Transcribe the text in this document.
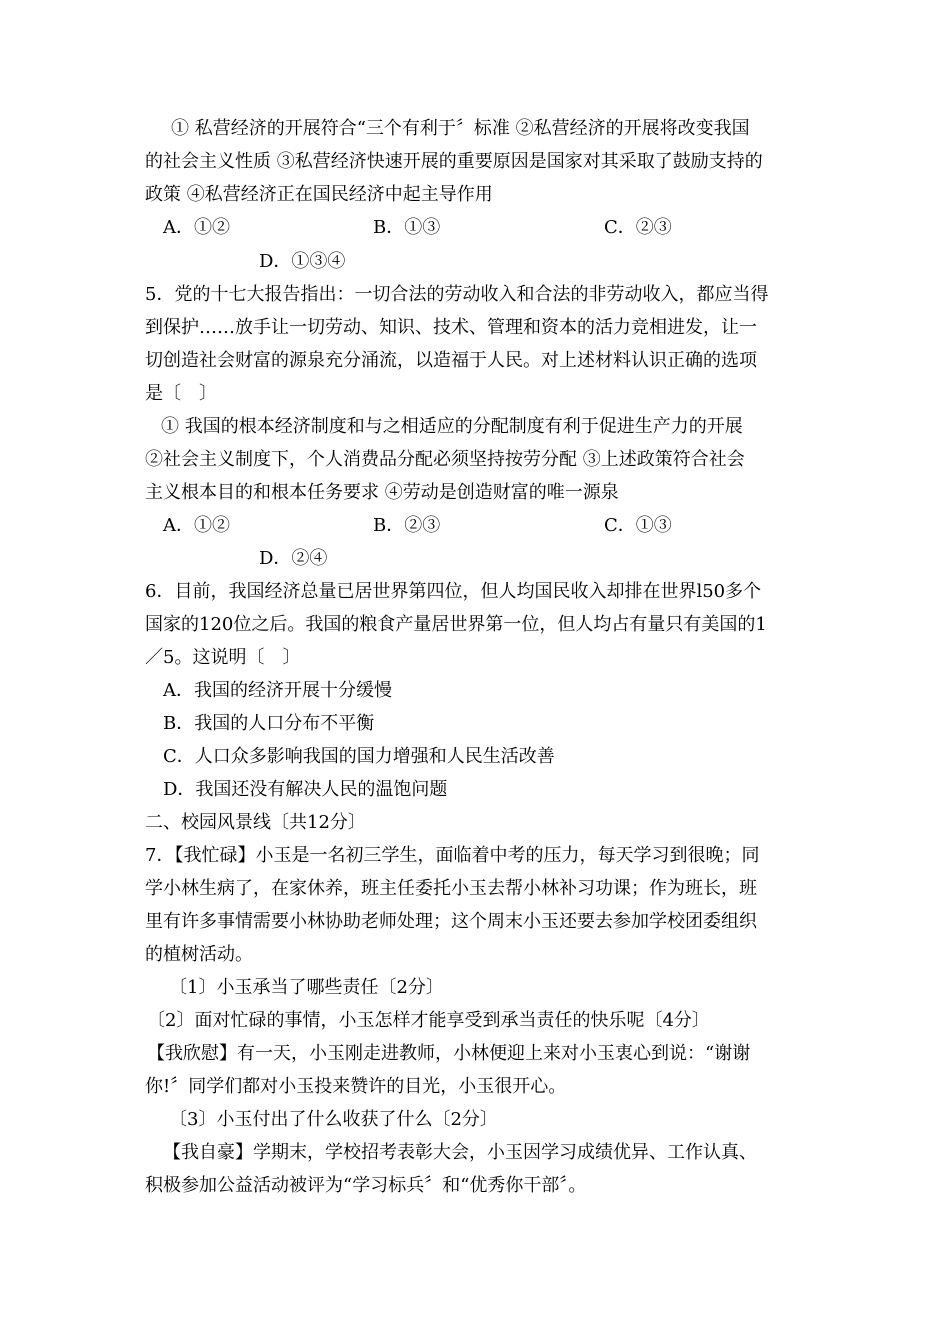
① 私营经济的开展符合“三个有利于〞标准 ②私营经济的开展将改变我国
的社会主义性质 ③私营经济快速开展的重要原因是国家对其采取了鼓励支持的
政策 ④私营经济正在国民经济中起主导作用
A．①②	B．①③	C．②③
D．①③④
5．党的十七大报告指出：一切合法的劳动收入和合法的非劳动收入，都应当得
到保护……放手让一切劳动、知识、技术、管理和资本的活力竞相进发，让一
切创造社会财富的源泉充分涌流，以造福于人民。对上述材料认识正确的选项
是〔　〕
① 我国的根本经济制度和与之相适应的分配制度有利于促进生产力的开展
②社会主义制度下，个人消费品分配必须坚持按劳分配 ③上述政策符合社会
主义根本目的和根本任务要求 ④劳动是创造财富的唯一源泉
A．①②	B．②③	C．①③
D．②④
6．目前，我国经济总量已居世界第四位，但人均国民收入却排在世界l50多个
国家的120位之后。我国的粮食产量居世界第一位，但人均占有量只有美国的1
／5。这说明〔　〕
A．我国的经济开展十分缓慢
B．我国的人口分布不平衡
C．人口众多影响我国的国力增强和人民生活改善
D．我国还没有解决人民的温饱问题
二、校园风景线〔共12分〕
7．【我忙碌】小玉是一名初三学生，面临着中考的压力，每天学习到很晚；同
学小林生病了，在家休养，班主任委托小玉去帮小林补习功课；作为班长，班
里有许多事情需要小林协助老师处理；这个周末小玉还要去参加学校团委组织
的植树活动。
〔1〕小玉承当了哪些责任〔2分〕
〔2〕面对忙碌的事情，小玉怎样才能享受到承当责任的快乐呢〔4分〕
【我欣慰】有一天，小玉刚走进教师，小林便迎上来对小玉衷心到说：“谢谢
你!〞同学们都对小玉投来赞许的目光，小玉很开心。
〔3〕小玉付出了什么收获了什么〔2分〕
【我自豪】学期末，学校招考表彰大会，小玉因学习成绩优异、工作认真、
积极参加公益活动被评为“学习标兵〞和“优秀你干部〞。
